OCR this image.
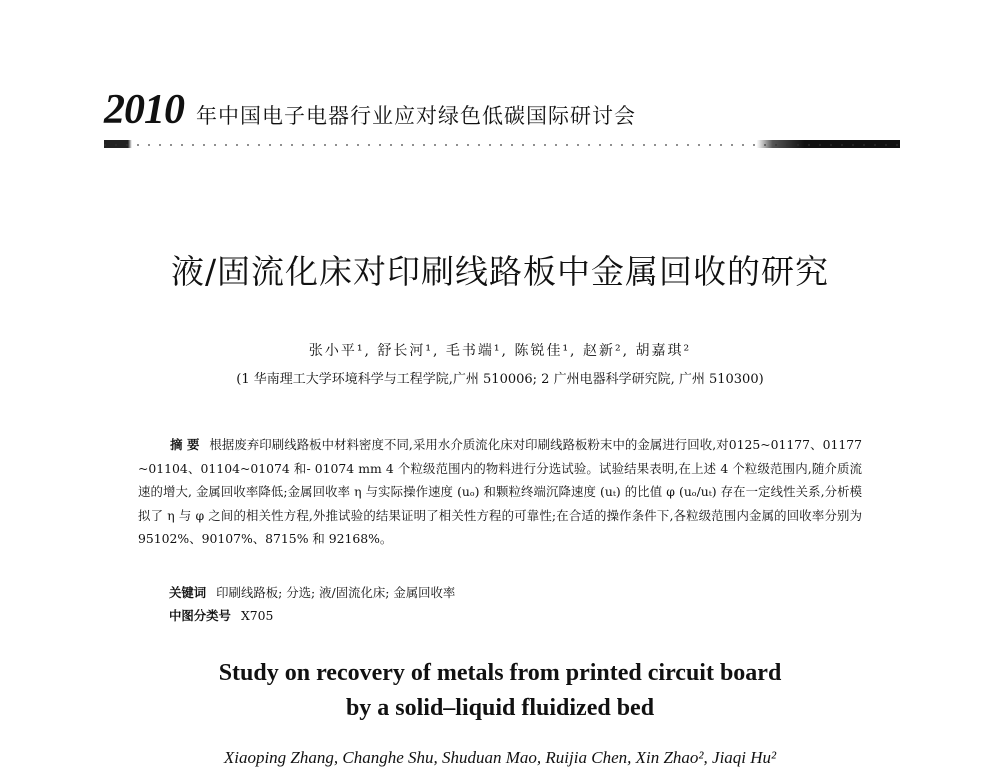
2010 年中国电子电器行业应对绿色低碳国际研讨会
液/固流化床对印刷线路板中金属回收的研究
张小平¹, 舒长河¹, 毛书端¹, 陈锐佳¹, 赵新², 胡嘉琪²
(1 华南理工大学环境科学与工程学院,广州 510006; 2 广州电器科学研究院, 广州 510300)
摘 要 根据废弃印刷线路板中材料密度不同,采用水介质流化床对印刷线路板粉末中的金属进行回收,对0125~01177、01177~01104、01104~01074 和- 01074 mm 4 个粒级范围内的物料进行分选试验。试验结果表明,在上述 4 个粒级范围内,随介质流速的增大, 金属回收率降低;金属回收率 η 与实际操作速度 (uₒ) 和颗粒终端沉降速度 (uₜ) 的比值 φ (uₒ/uₜ) 存在一定线性关系,分析模拟了 η 与 φ 之间的相关性方程,外推试验的结果证明了相关性方程的可靠性;在合适的操作条件下,各粒级范围内金属的回收率分别为 95102%、90107%、8715% 和 92168%。
关键词 印刷线路板; 分选; 液/固流化床; 金属回收率
中图分类号 X705
Study on recovery of metals from printed circuit board
by a solid–liquid fluidized bed
Xiaoping Zhang, Changhe Shu, Shuduan Mao, Ruijia Chen, Xin Zhao², Jiaqi Hu²
